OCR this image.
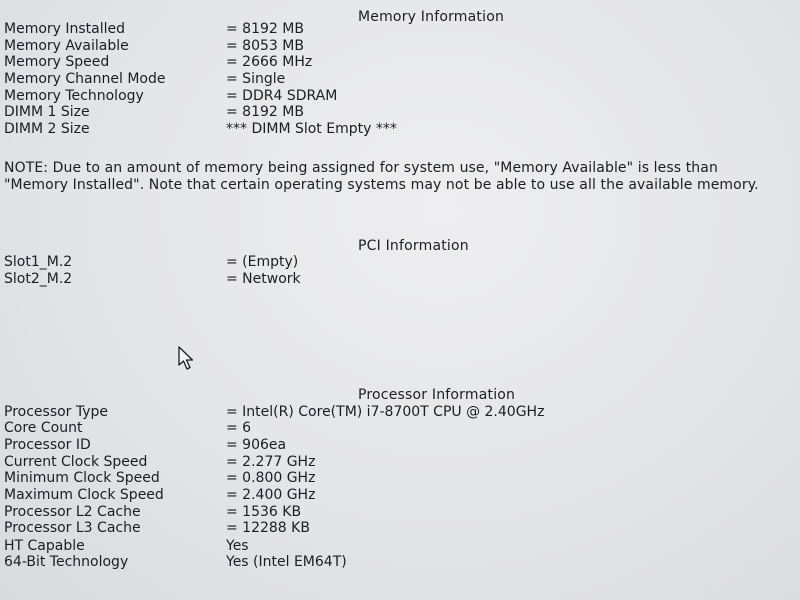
Memory Information
Memory Installed	= 8192 MB
Memory Available	= 8053 MB
Memory Speed	= 2666 MHz
Memory Channel Mode	= Single
Memory Technology	= DDR4 SDRAM
DIMM 1 Size	= 8192 MB
DIMM 2 Size	*** DIMM Slot Empty ***
NOTE: Due to an amount of memory being assigned for system use, "Memory Available" is less than "Memory Installed". Note that certain operating systems may not be able to use all the available memory.
PCI Information
Slot1_M.2	= (Empty)
Slot2_M.2	= Network
Processor Information
Processor Type	= Intel(R) Core(TM) i7-8700T CPU @ 2.40GHz
Core Count	= 6
Processor ID	= 906ea
Current Clock Speed	= 2.277 GHz
Minimum Clock Speed	= 0.800 GHz
Maximum Clock Speed	= 2.400 GHz
Processor L2 Cache	= 1536 KB
Processor L3 Cache	= 12288 KB
HT Capable	Yes
64-Bit Technology	Yes (Intel EM64T)
